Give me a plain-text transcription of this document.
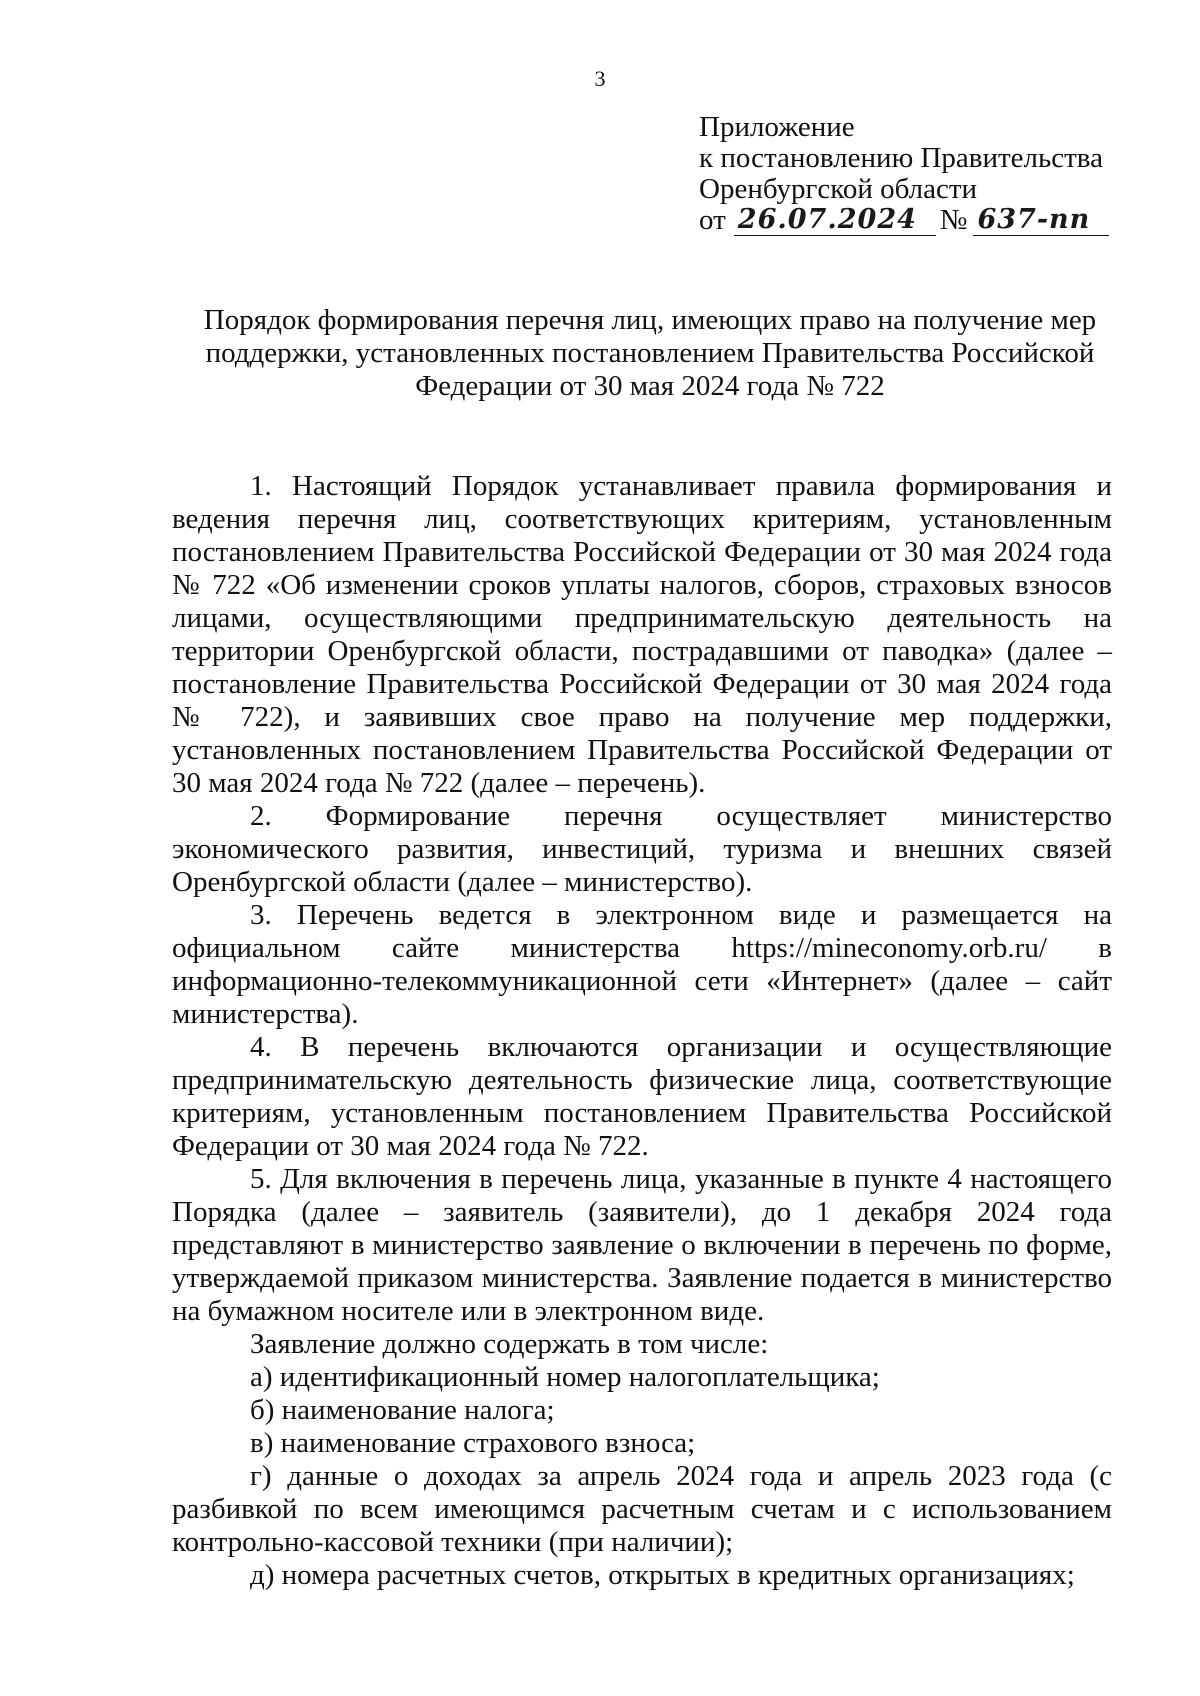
3
Приложение
к постановлению Правительства
Оренбургской области
от 26.07.2024 № 637-пп
Порядок формирования перечня лиц, имеющих право на получение мер
поддержки, установленных постановлением Правительства Российской
Федерации от 30 мая 2024 года № 722

1. Настоящий Порядок устанавливает правила формирования и ведения перечня лиц, соответствующих критериям, установленным постановлением Правительства Российской Федерации от 30 мая 2024 года № 722 «Об изменении сроков уплаты налогов, сборов, страховых взносов лицами, осуществляющими предпринимательскую деятельность на территории Оренбургской области, пострадавшими от паводка» (далее – постановление Правительства Российской Федерации от 30 мая 2024 года № 722), и заявивших свое право на получение мер поддержки, установленных постановлением Правительства Российской Федерации от 30 мая 2024 года № 722 (далее – перечень).

2. Формирование перечня осуществляет министерство экономического развития, инвестиций, туризма и внешних связей Оренбургской области (далее – министерство).

3. Перечень ведется в электронном виде и размещается на официальном сайте министерства https://mineconomy.orb.ru/ в информационно-телекоммуникационной сети «Интернет» (далее – сайт министерства).

4. В перечень включаются организации и осуществляющие предпринимательскую деятельность физические лица, соответствующие критериям, установленным постановлением Правительства Российской Федерации от 30 мая 2024 года № 722.

5. Для включения в перечень лица, указанные в пункте 4 настоящего Порядка (далее – заявитель (заявители), до 1 декабря 2024 года представляют в министерство заявление о включении в перечень по форме, утверждаемой приказом министерства. Заявление подается в министерство на бумажном носителе или в электронном виде.

Заявление должно содержать в том числе:

а) идентификационный номер налогоплательщика;

б) наименование налога;

в) наименование страхового взноса;

г) данные о доходах за апрель 2024 года и апрель 2023 года (с разбивкой по всем имеющимся расчетным счетам и с использованием контрольно-кассовой техники (при наличии);

д) номера расчетных счетов, открытых в кредитных организациях;
